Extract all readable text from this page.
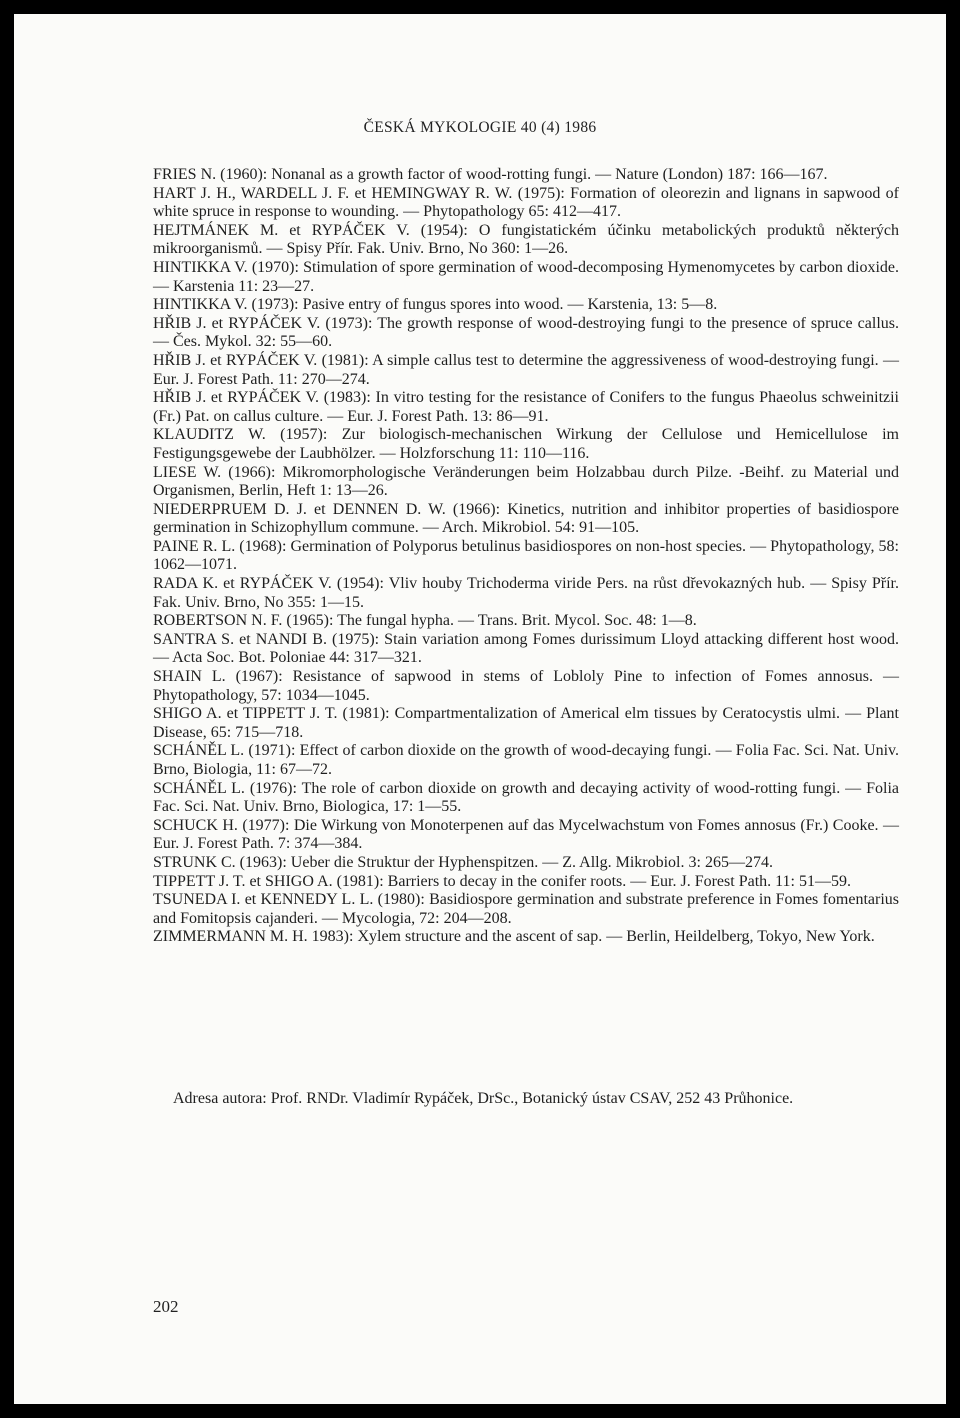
ČESKÁ MYKOLOGIE 40 (4) 1986

FRIES N. (1960): Nonanal as a growth factor of wood-rotting fungi. — Nature (London) 187: 166—167.

HART J. H., WARDELL J. F. et HEMINGWAY R. W. (1975): Formation of oleorezin and lignans in sapwood of white spruce in response to wounding. — Phytopathology 65: 412—417.

HEJTMÁNEK M. et RYPÁČEK V. (1954): O fungistatickém účinku metabolických produktů některých mikroorganismů. — Spisy Přír. Fak. Univ. Brno, No 360: 1—26.

HINTIKKA V. (1970): Stimulation of spore germination of wood-decomposing Hymenomycetes by carbon dioxide. — Karstenia 11: 23—27.

HINTIKKA V. (1973): Pasive entry of fungus spores into wood. — Karstenia, 13: 5—8.

HŘIB J. et RYPÁČEK V. (1973): The growth response of wood-destroying fungi to the presence of spruce callus. — Čes. Mykol. 32: 55—60.

HŘIB J. et RYPÁČEK V. (1981): A simple callus test to determine the aggressiveness of wood-destroying fungi. — Eur. J. Forest Path. 11: 270—274.

HŘIB J. et RYPÁČEK V. (1983): In vitro testing for the resistance of Conifers to the fungus Phaeolus schweinitzii (Fr.) Pat. on callus culture. — Eur. J. Forest Path. 13: 86—91.

KLAUDITZ W. (1957): Zur biologisch-mechanischen Wirkung der Cellulose und Hemicellulose im Festigungsgewebe der Laubhölzer. — Holzforschung 11: 110—116.

LIESE W. (1966): Mikromorphologische Veränderungen beim Holzabbau durch Pilze. -Beihf. zu Material und Organismen, Berlin, Heft 1: 13—26.

NIEDERPRUEM D. J. et DENNEN D. W. (1966): Kinetics, nutrition and inhibitor properties of basidiospore germination in Schizophyllum commune. — Arch. Mikrobiol. 54: 91—105.

PAINE R. L. (1968): Germination of Polyporus betulinus basidiospores on non-host species. — Phytopathology, 58: 1062—1071.

RADA K. et RYPÁČEK V. (1954): Vliv houby Trichoderma viride Pers. na růst dřevokazných hub. — Spisy Přír. Fak. Univ. Brno, No 355: 1—15.

ROBERTSON N. F. (1965): The fungal hypha. — Trans. Brit. Mycol. Soc. 48: 1—8.

SANTRA S. et NANDI B. (1975): Stain variation among Fomes durissimum Lloyd attacking different host wood. — Acta Soc. Bot. Poloniae 44: 317—321.

SHAIN L. (1967): Resistance of sapwood in stems of Lobloly Pine to infection of Fomes annosus. — Phytopathology, 57: 1034—1045.

SHIGO A. et TIPPETT J. T. (1981): Compartmentalization of Americal elm tissues by Ceratocystis ulmi. — Plant Disease, 65: 715—718.

SCHÁNĚL L. (1971): Effect of carbon dioxide on the growth of wood-decaying fungi. — Folia Fac. Sci. Nat. Univ. Brno, Biologia, 11: 67—72.

SCHÁNĚL L. (1976): The role of carbon dioxide on growth and decaying activity of wood-rotting fungi. — Folia Fac. Sci. Nat. Univ. Brno, Biologica, 17: 1—55.

SCHUCK H. (1977): Die Wirkung von Monoterpenen auf das Mycelwachstum von Fomes annosus (Fr.) Cooke. — Eur. J. Forest Path. 7: 374—384.

STRUNK C. (1963): Ueber die Struktur der Hyphenspitzen. — Z. Allg. Mikrobiol. 3: 265—274.

TIPPETT J. T. et SHIGO A. (1981): Barriers to decay in the conifer roots. — Eur. J. Forest Path. 11: 51—59.

TSUNEDA I. et KENNEDY L. L. (1980): Basidiospore germination and substrate preference in Fomes fomentarius and Fomitopsis cajanderi. — Mycologia, 72: 204—208.

ZIMMERMANN M. H. 1983): Xylem structure and the ascent of sap. — Berlin, Heildelberg, Tokyo, New York.

Adresa autora: Prof. RNDr. Vladimír Rypáček, DrSc., Botanický ústav CSAV, 252 43 Průhonice.
202
